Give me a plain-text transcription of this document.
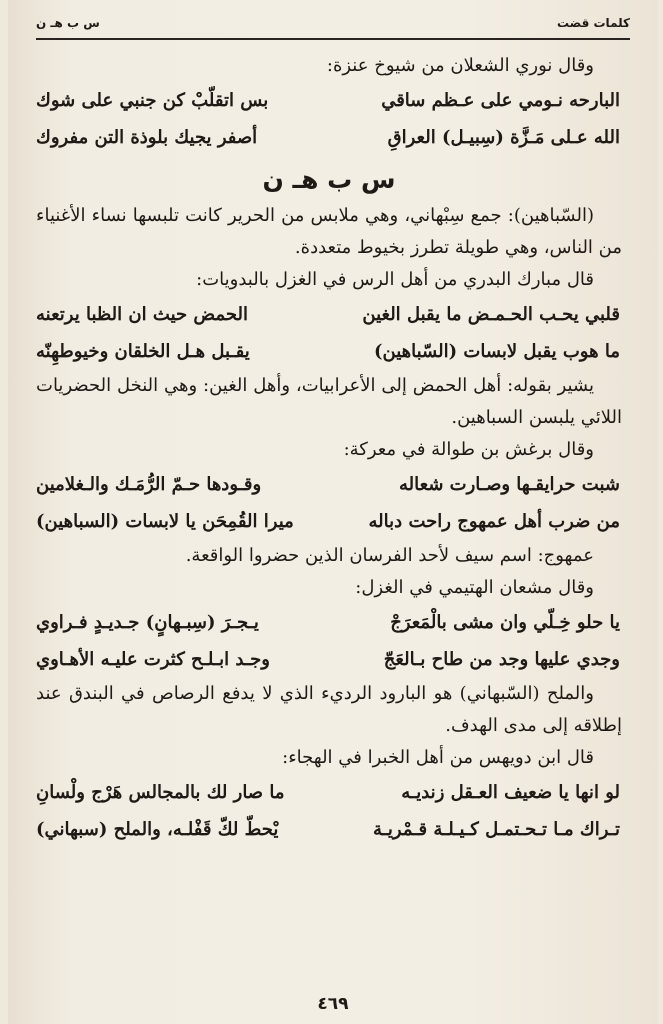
س ب هـ ن	كلمات قضت

وقال نوري الشعلان من شيوخ عنزة:

البارحه نـومي على عـظم ساقي
بس اتقلّبْ كن جنبي على شوك
الله عـلى مَـزَّة (سِبيـل) العراقِ
أصفر يجيك بلوذة التن مفروك
س ب هـ ن

(السّباهين): جمع سِبْهاني، وهي ملابس من الحرير كانت تلبسها نساء الأغنياء من الناس، وهي طويلة تطرز بخيوط متعددة.

قال مبارك البدري من أهل الرس في الغزل بالبدويات:

قلبي يحـب الحـمـض ما يقبل الغين
الحمض حيث ان الظبا يرتعنه
ما هوب يقبل لابسات (السّباهين)
يقـبل هـل الخلقان وخيوطهِنّه

يشير بقوله: أهل الحمض إلى الأعرابيات، وأهل الغين: وهي النخل الحضريات اللائي يلبسن السباهين.

وقال برغش بن طوالة في معركة:

شبت حرايقـها وصـارت شعاله
وقـودها حـمّ الرُّمَـك والـغلامين
من ضرب أهل عمهوج راحت دباله
ميرا القُمِحَن يا لابسات (السباهين)

عمهوج: اسم سيف لأحد الفرسان الذين حضروا الواقعة.

وقال مشعان الهتيمي في الغزل:

يا حلو خِـلّي وان مشى بالْمَعرَجْ
يـجـرَ (سِبـهانٍ) جـديـدٍ فـراوي
وجدي عليها وجد من طاح بـالعَجّ
وجـد ابـلـح كثرت عليـه الأهـاوي

والملح (السّبهاني) هو البارود الرديء الذي لا يدفع الرصاص في البندق عند إطلاقه إلى مدى الهدف.

قال ابن دويهس من أهل الخبرا في الهجاء:

لو انها يا ضعيف العـقل زنديـه
ما صار لك بالمجالس هَرْج ولْسانِ
تـراك مـا تـحـتمـل كـيـلـة قـمْريـة
يْحطّ لكّ قَفْلـه، والملح (سبهاني)
٤٦٩
